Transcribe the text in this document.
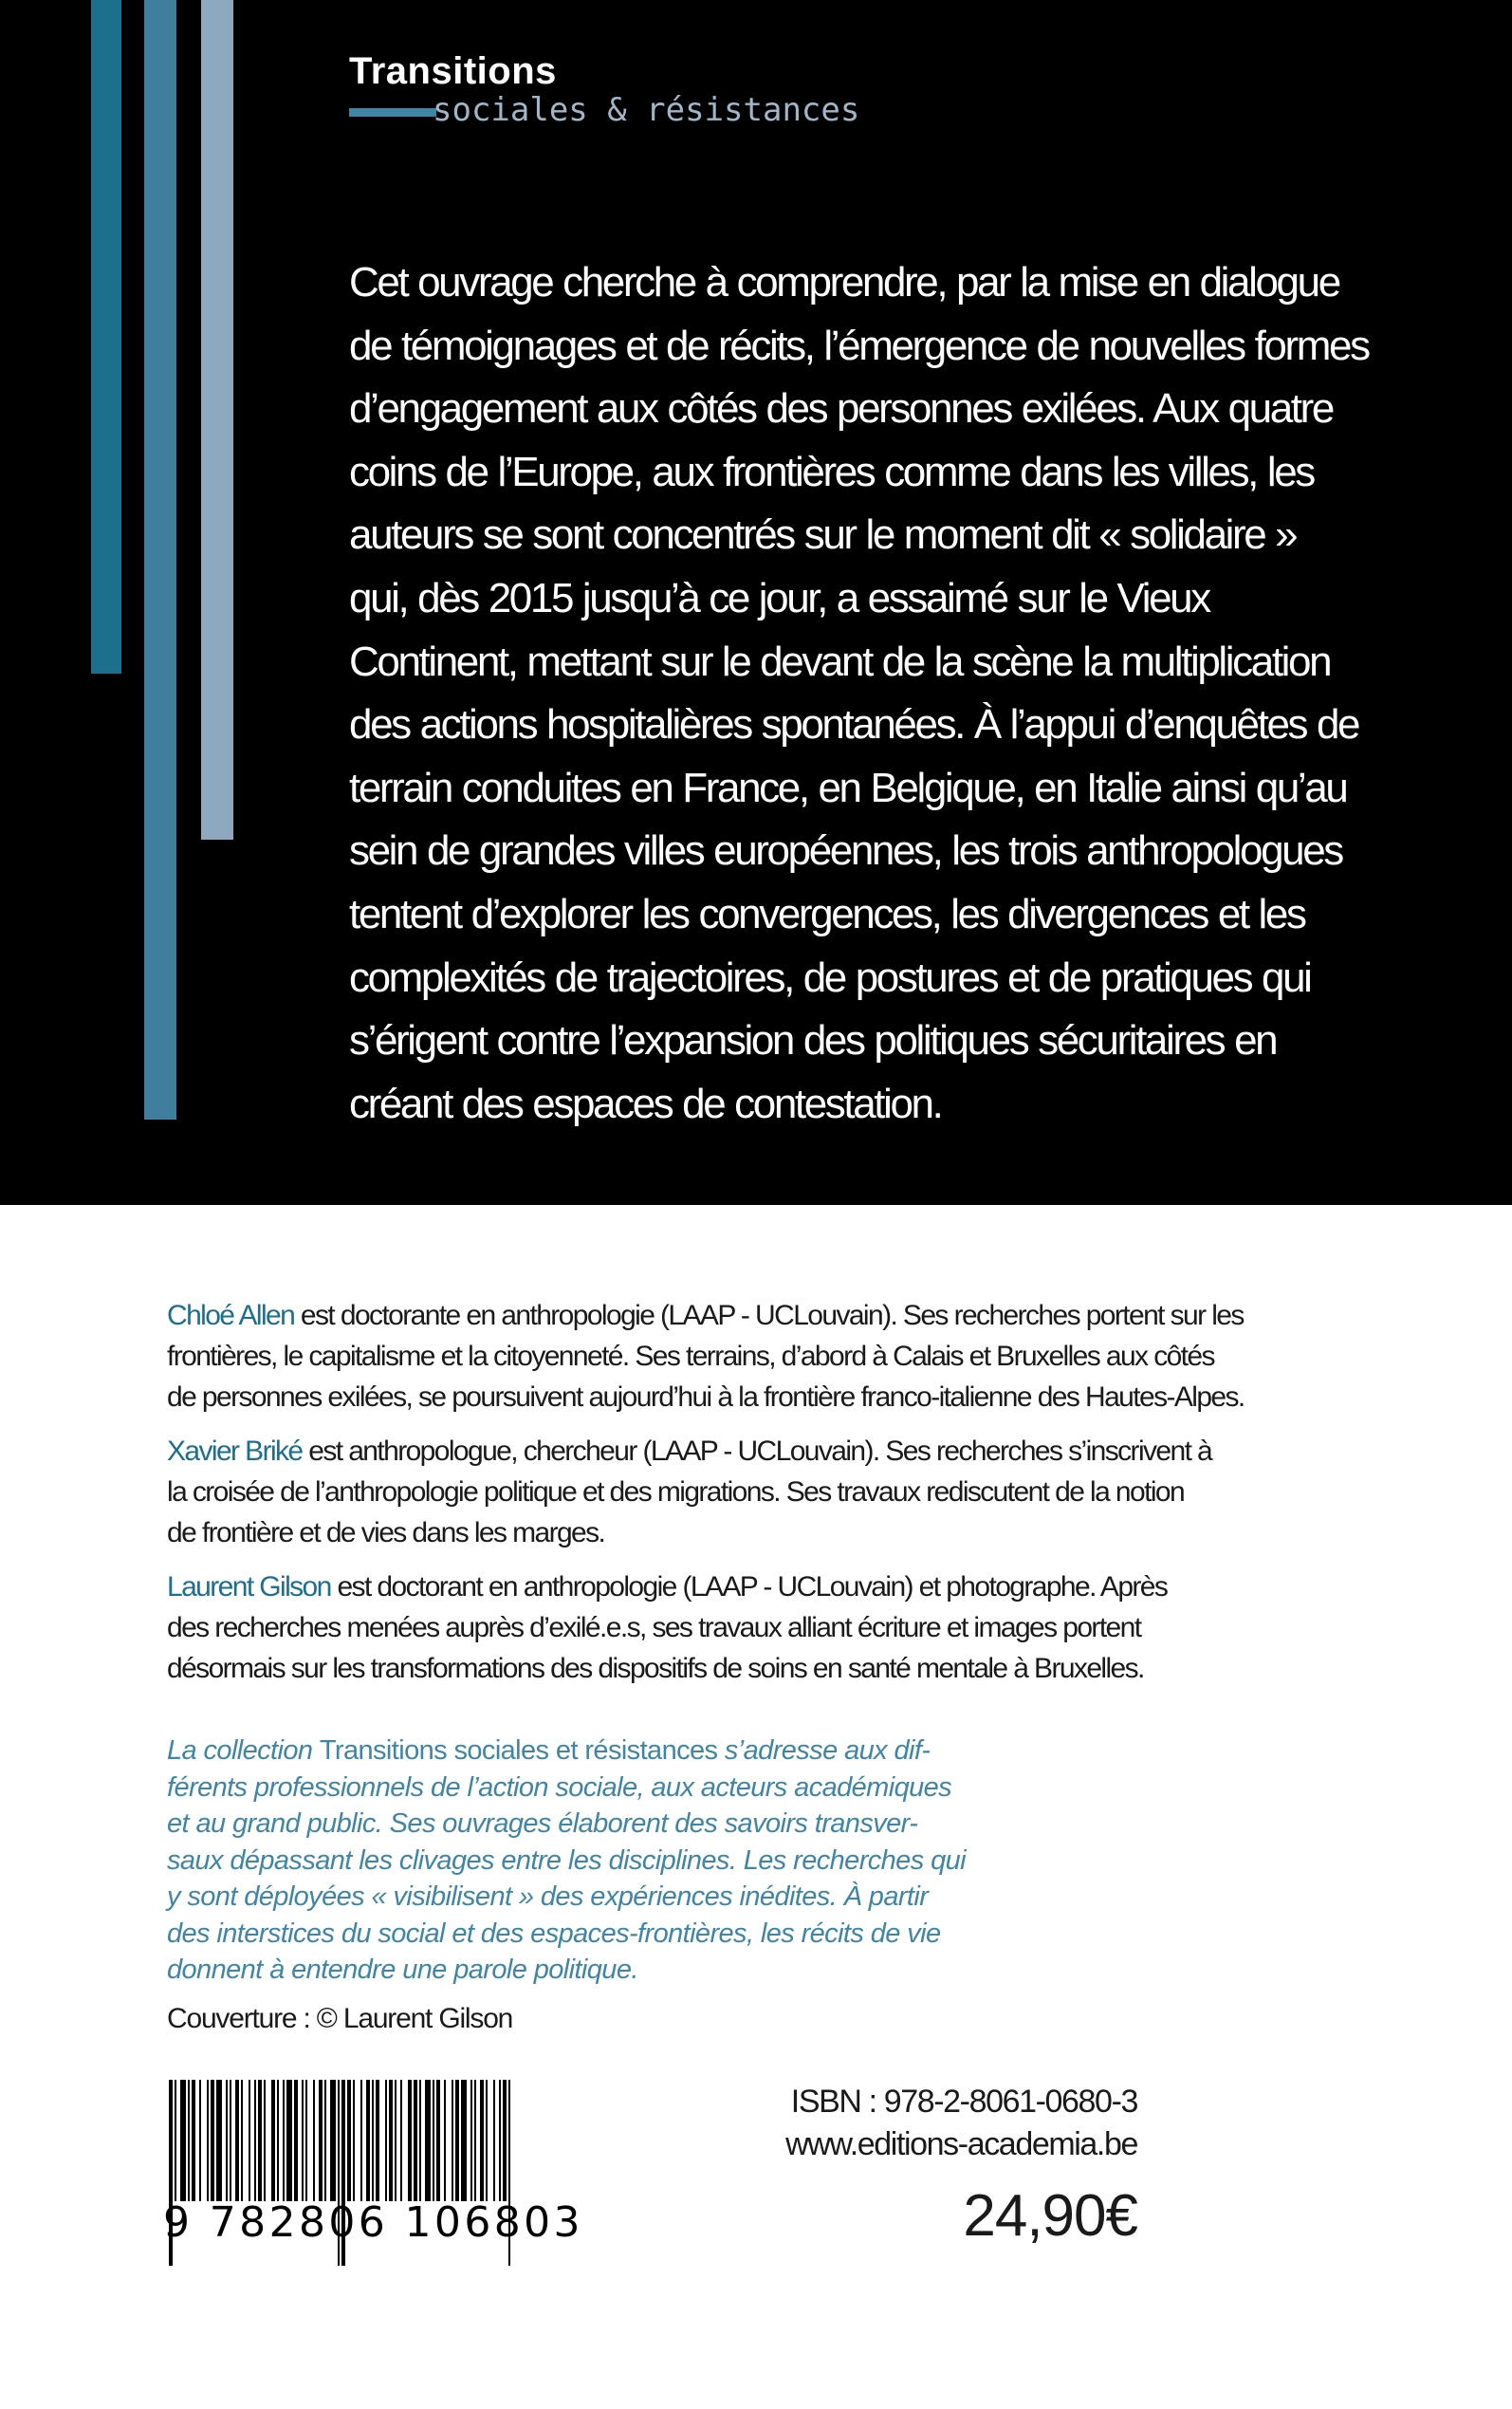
Transitions
sociales & résistances
Cet ouvrage cherche à comprendre, par la mise en dialogue
de témoignages et de récits, l’émergence de nouvelles formes
d’engagement aux côtés des personnes exilées. Aux quatre
coins de l’Europe, aux frontières comme dans les villes, les
auteurs se sont concentrés sur le moment dit « solidaire »
qui, dès 2015 jusqu’à ce jour, a essaimé sur le Vieux
Continent, mettant sur le devant de la scène la multiplication
des actions hospitalières spontanées. À l’appui d’enquêtes de
terrain conduites en France, en Belgique, en Italie ainsi qu’au
sein de grandes villes européennes, les trois anthropologues
tentent d’explorer les convergences, les divergences et les
complexités de trajectoires, de postures et de pratiques qui
s’érigent contre l’expansion des politiques sécuritaires en
créant des espaces de contestation.
Chloé Allen est doctorante en anthropologie (LAAP - UCLouvain). Ses recherches portent sur les
frontières, le capitalisme et la citoyenneté. Ses terrains, d’abord à Calais et Bruxelles aux côtés
de personnes exilées, se poursuivent aujourd’hui à la frontière franco-italienne des Hautes-Alpes.
Xavier Briké est anthropologue, chercheur (LAAP - UCLouvain). Ses recherches s’inscrivent à
la croisée de l’anthropologie politique et des migrations. Ses travaux rediscutent de la notion
de frontière et de vies dans les marges.
Laurent Gilson est doctorant en anthropologie (LAAP - UCLouvain) et photographe. Après
des recherches menées auprès d’exilé.e.s, ses travaux alliant écriture et images portent
désormais sur les transformations des dispositifs de soins en santé mentale à Bruxelles.
La collection Transitions sociales et résistances s’adresse aux dif-
férents professionnels de l’action sociale, aux acteurs académiques
et au grand public. Ses ouvrages élaborent des savoirs transver-
saux dépassant les clivages entre les disciplines. Les recherches qui
y sont déployées « visibilisent » des expériences inédites. À partir
des interstices du social et des espaces-frontières, les récits de vie
donnent à entendre une parole politique.
Couverture : © Laurent Gilson
9 782806 106803
ISBN : 978-2-8061-0680-3
www.editions-academia.be
24,90€
